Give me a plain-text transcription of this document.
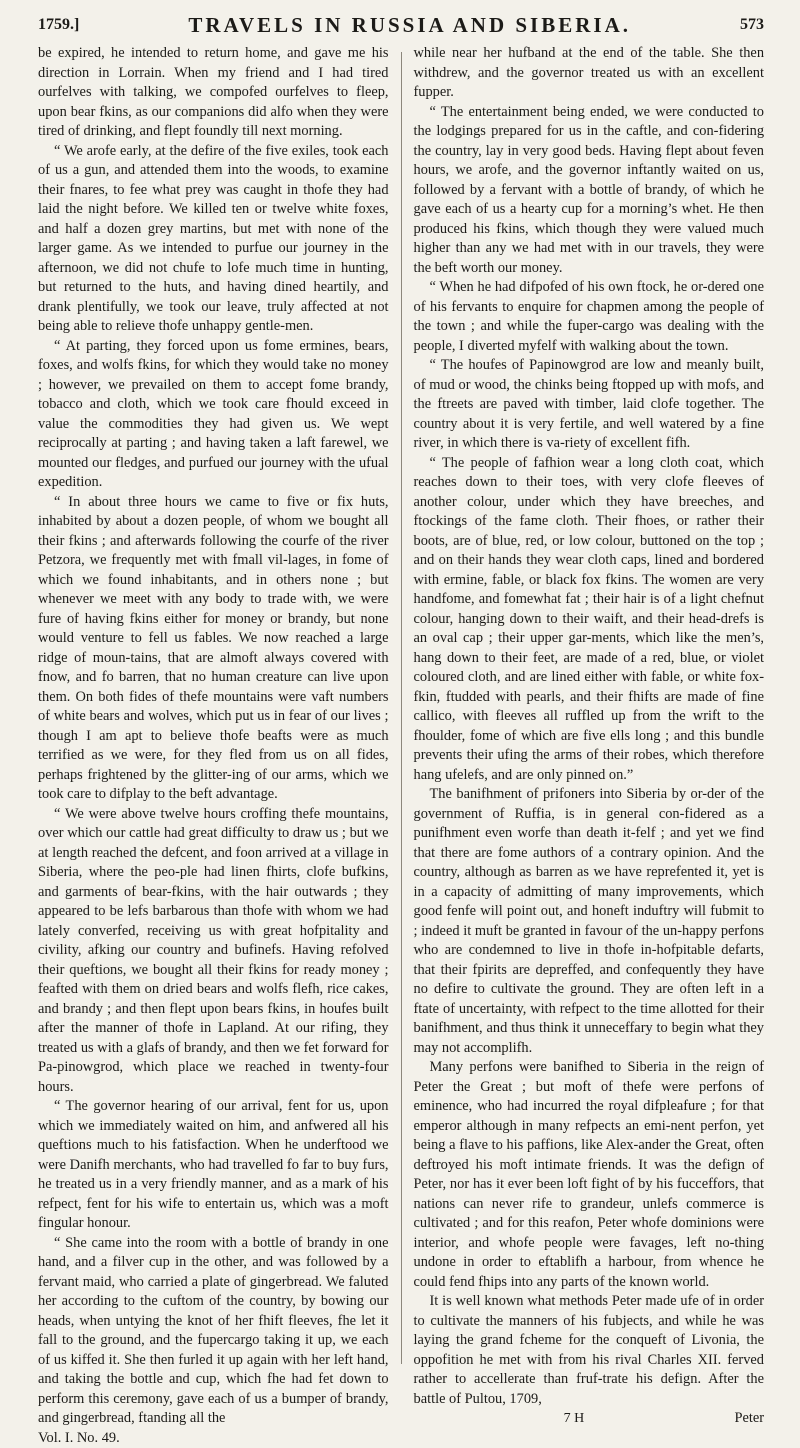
1759.]	TRAVELS IN RUSSIA AND SIBERIA.	573

be expired, he intended to return home, and gave me his direction in Lorrain. When my friend and I had tired ourfelves with talking, we compofed ourfelves to fleep, upon bear fkins, as our companions did alfo when they were tired of drinking, and flept foundly till next morning.

“ We arofe early, at the defire of the five exiles, took each of us a gun, and attended them into the woods, to examine their fnares, to fee what prey was caught in thofe they had laid the night before. We killed ten or twelve white foxes, and half a dozen grey martins, but met with none of the larger game. As we intended to purfue our journey in the afternoon, we did not chufe to lofe much time in hunting, but returned to the huts, and having dined heartily, and drank plentifully, we took our leave, truly affected at not being able to relieve thofe unhappy gentle-men.

“ At parting, they forced upon us fome ermines, bears, foxes, and wolfs fkins, for which they would take no money ; however, we prevailed on them to accept fome brandy, tobacco and cloth, which we took care fhould exceed in value the commodities they had given us. We wept reciprocally at parting ; and having taken a laft farewel, we mounted our fledges, and purfued our journey with the ufual expedition.

“ In about three hours we came to five or fix huts, inhabited by about a dozen people, of whom we bought all their fkins ; and afterwards following the courfe of the river Petzora, we frequently met with fmall vil-lages, in fome of which we found inhabitants, and in others none ; but whenever we meet with any body to trade with, we were fure of having fkins either for money or brandy, but none would venture to fell us fables. We now reached a large ridge of moun-tains, that are almoft always covered with fnow, and fo barren, that no human creature can live upon them. On both fides of thefe mountains were vaft numbers of white bears and wolves, which put us in fear of our lives ; though I am apt to believe thofe beafts were as much terrified as we were, for they fled from us on all fides, perhaps frightened by the glitter-ing of our arms, which we took care to difplay to the beft advantage.

“ We were above twelve hours croffing thefe mountains, over which our cattle had great difficulty to draw us ; but we at length reached the defcent, and foon arrived at a village in Siberia, where the peo-ple had linen fhirts, clofe bufkins, and garments of bear-fkins, with the hair outwards ; they appeared to be lefs barbarous than thofe with whom we had lately converfed, receiving us with great hofpitality and civility, afking our country and bufinefs. Having refolved their queftions, we bought all their fkins for ready money ; feafted with them on dried bears and wolfs flefh, rice cakes, and brandy ; and then flept upon bears fkins, in houfes built after the manner of thofe in Lapland. At our rifing, they treated us with a glafs of brandy, and then we fet forward for Pa-pinowgrod, which place we reached in twenty-four hours.

“ The governor hearing of our arrival, fent for us, upon which we immediately waited on him, and anfwered all his queftions much to his fatisfaction. When he underftood we were Danifh merchants, who had travelled fo far to buy furs, he treated us in a very friendly manner, and as a mark of his refpect, fent for his wife to entertain us, which was a moft fingular honour.

“ She came into the room with a bottle of brandy in one hand, and a filver cup in the other, and was followed by a fervant maid, who carried a plate of gingerbread. We faluted her according to the cuftom of the country, by bowing our heads, when untying the knot of her fhift fleeves, fhe let it fall to the ground, and the fupercargo taking it up, we each of us kiffed it. She then furled it up again with her left hand, and taking the bottle and cup, which fhe had fet down to perform this ceremony, gave each of us a bumper of brandy, and gingerbread, ftanding all the

Vol. I. No. 49.

while near her hufband at the end of the table. She then withdrew, and the governor treated us with an excellent fupper.

“ The entertainment being ended, we were conducted to the lodgings prepared for us in the caftle, and con-fidering the country, lay in very good beds. Having flept about feven hours, we arofe, and the governor inftantly waited on us, followed by a fervant with a bottle of brandy, of which he gave each of us a hearty cup for a morning’s whet. He then produced his fkins, which though they were valued much higher than any we had met with in our travels, they were the beft worth our money.

“ When he had difpofed of his own ftock, he or-dered one of his fervants to enquire for chapmen among the people of the town ; and while the fuper-cargo was dealing with the people, I diverted myfelf with walking about the town.

“ The houfes of Papinowgrod are low and meanly built, of mud or wood, the chinks being ftopped up with mofs, and the ftreets are paved with timber, laid clofe together. The country about it is very fertile, and well watered by a fine river, in which there is va-riety of excellent fifh.

“ The people of fafhion wear a long cloth coat, which reaches down to their toes, with very clofe fleeves of another colour, under which they have breeches, and ftockings of the fame cloth. Their fhoes, or rather their boots, are of blue, red, or low colour, buttoned on the top ; and on their hands they wear cloth caps, lined and bordered with ermine, fable, or black fox fkins. The women are very handfome, and fomewhat fat ; their hair is of a light chefnut colour, hanging down to their waift, and their head-drefs is an oval cap ; their upper gar-ments, which like the men’s, hang down to their feet, are made of a red, blue, or violet coloured cloth, and are lined either with fable, or white fox-fkin, ftudded with pearls, and their fhifts are made of fine callico, with fleeves all ruffled up from the wrift to the fhoulder, fome of which are five ells long ; and this bundle prevents their ufing the arms of their robes, which therefore hang ufelefs, and are only pinned on.”

The banifhment of prifoners into Siberia by or-der of the government of Ruffia, is in general con-fidered as a punifhment even worfe than death it-felf ; and yet we find that there are fome authors of a contrary opinion. And the country, although as barren as we have reprefented it, yet is in a capacity of admitting of many improvements, which good fenfe will point out, and honeft induftry will fubmit to ; indeed it muft be granted in favour of the un-happy perfons who are condemned to live in thofe in-hofpitable defarts, that their fpirits are depreffed, and confequently they have no defire to cultivate the ground. They are often left in a ftate of uncertainty, with refpect to the time allotted for their banifhment, and thus think it unneceffary to begin what they may not accomplifh.

Many perfons were banifhed to Siberia in the reign of Peter the Great ; but moft of thefe were perfons of eminence, who had incurred the royal difpleafure ; for that emperor although in many refpects an emi-nent perfon, yet being a flave to his paffions, like Alex-ander the Great, often deftroyed his moft intimate friends. It was the defign of Peter, nor has it ever been loft fight of by his fucceffors, that nations can never rife to grandeur, unlefs commerce is cultivated ; and for this reafon, Peter whofe dominions were interior, and whofe people were favages, left no-thing undone in order to eftablifh a harbour, from whence he could fend fhips into any parts of the known world.

It is well known what methods Peter made ufe of in order to cultivate the manners of his fubjects, and while he was laying the grand fcheme for the conqueft of Livonia, the oppofition he met with from his rival Charles XII. ferved rather to accellerate than fruf-trate his defign. After the battle of Pultou, 1709,

7 H	Peter
